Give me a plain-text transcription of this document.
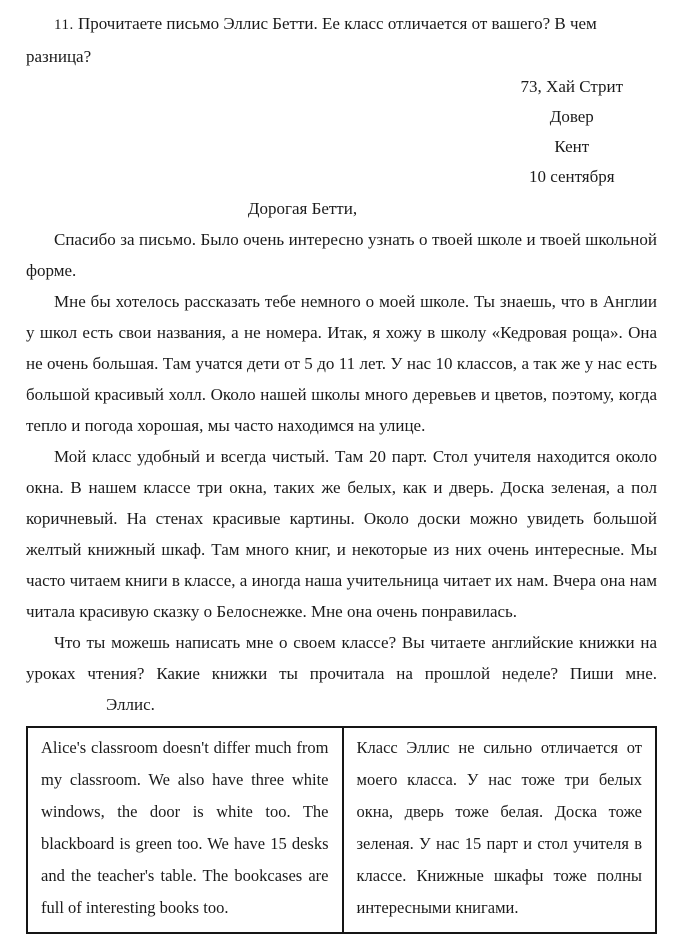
11. Прочитаете письмо Эллис Бетти. Ее класс отличается от вашего? В чем разница?

73, Хай Стрит
Довер
Кент
10 сентября

Дорогая Бетти,

Спасибо за письмо. Было очень интересно узнать о твоей школе и твоей школьной форме.

Мне бы хотелось рассказать тебе немного о моей школе. Ты знаешь, что в Англии у школ есть свои названия, а не номера. Итак, я хожу в школу «Кедровая роща». Она не очень большая. Там учатся дети от 5 до 11 лет. У нас 10 классов, а так же у нас есть большой красивый холл. Около нашей школы много деревьев и цветов, поэтому, когда тепло и погода хорошая, мы часто находимся на улице.

Мой класс удобный и всегда чистый. Там 20 парт. Стол учителя находится около окна. В нашем классе три окна, таких же белых, как и дверь. Доска зеленая, а пол коричневый. На стенах красивые картины. Около доски можно увидеть большой желтый книжный шкаф. Там много книг, и некоторые из них очень интересные. Мы часто читаем книги в классе, а иногда наша учительница читает их нам. Вчера она нам читала красивую сказку о Белоснежке. Мне она очень понравилась.

Что ты можешь написать мне о своем классе? Вы читаете английские книжки на уроках чтения? Какие книжки ты прочитала на прошлой неделе? Пиши мне. Эллис.

Alice's classroom doesn't differ much from my classroom. We also have three white windows, the door is white too. The blackboard is green too. We have 15 desks and the teacher's table. The bookcases are full of interesting books too.

Класс Эллис не сильно отличается от моего класса. У нас тоже три белых окна, дверь тоже белая. Доска тоже зеленая. У нас 15 парт и стол учителя в классе. Книжные шкафы тоже полны интересными книгами.
